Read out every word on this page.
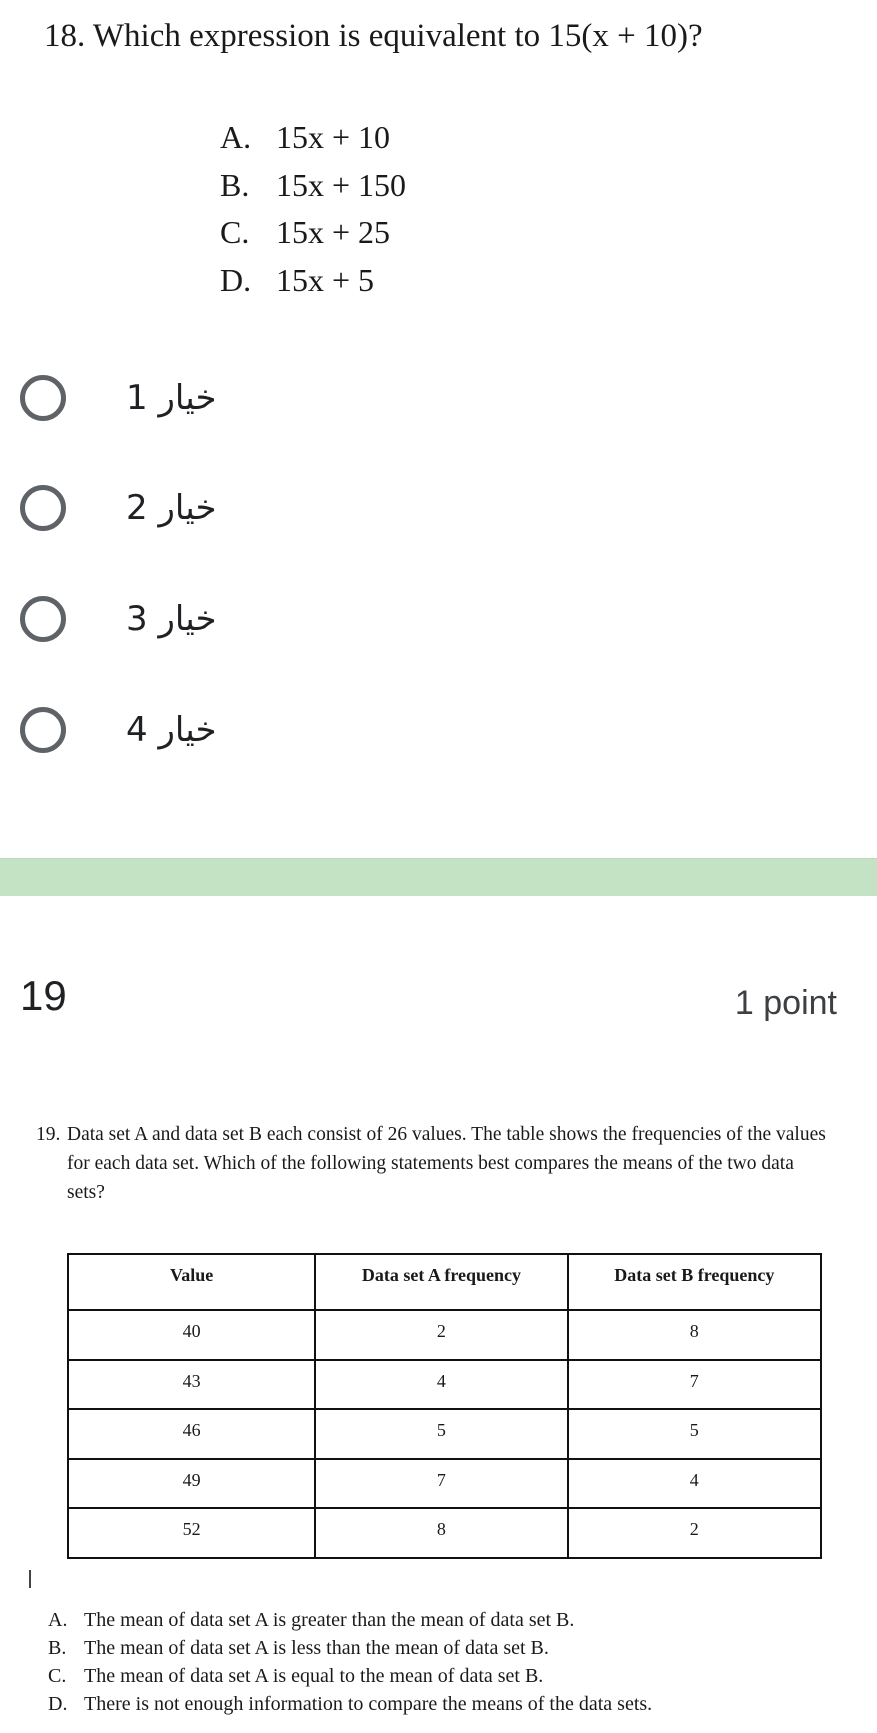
18. Which expression is equivalent to 15(x + 10)?
A. 15x + 10
B. 15x + 150
C. 15x + 25
D. 15x + 5
خيار 1
خيار 2
خيار 3
خيار 4
19	1 point
19. Data set A and data set B each consist of 26 values. The table shows the frequencies of the values
for each data set. Which of the following statements best compares the means of the two data
sets?
Value	Data set A frequency	Data set B frequency
40	2	8
43	4	7
46	5	5
49	7	4
52	8	2
A. The mean of data set A is greater than the mean of data set B.
B. The mean of data set A is less than the mean of data set B.
C. The mean of data set A is equal to the mean of data set B.
D. There is not enough information to compare the means of the data sets.
